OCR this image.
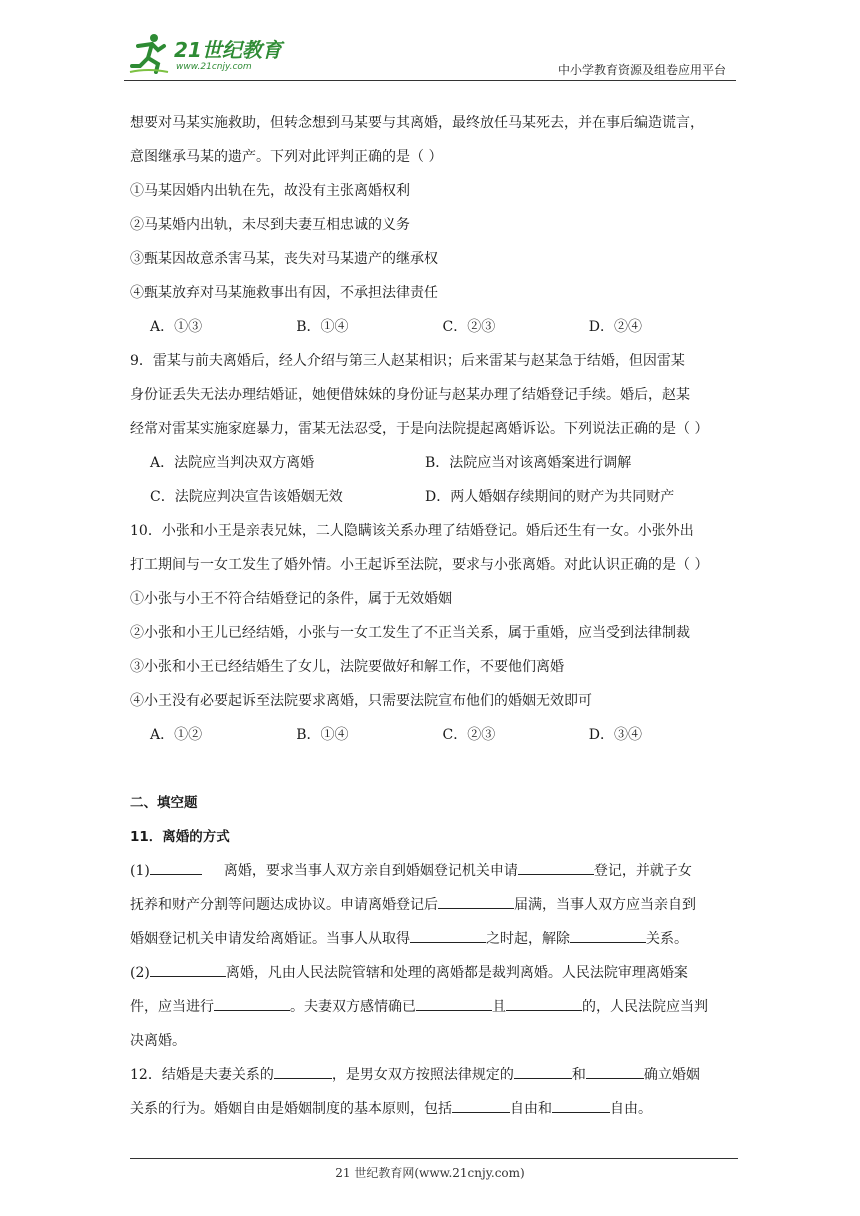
21世纪教育
www.21cnjy.com	中小学教育资源及组卷应用平台
想要对马某实施救助，但转念想到马某要与其离婚，最终放任马某死去，并在事后编造谎言，
意图继承马某的遗产。下列对此评判正确的是（ ）
①马某因婚内出轨在先，故没有主张离婚权利
②马某婚内出轨，未尽到夫妻互相忠诚的义务
③甄某因故意杀害马某，丧失对马某遗产的继承权
④甄某放弃对马某施救事出有因，不承担法律责任
A．①③	B．①④	C．②③	D．②④
9．雷某与前夫离婚后，经人介绍与第三人赵某相识；后来雷某与赵某急于结婚，但因雷某
身份证丢失无法办理结婚证，她便借妹妹的身份证与赵某办理了结婚登记手续。婚后，赵某
经常对雷某实施家庭暴力，雷某无法忍受，于是向法院提起离婚诉讼。下列说法正确的是（ ）
A．法院应当判决双方离婚	B．法院应当对该离婚案进行调解
C．法院应判决宣告该婚姻无效	D．两人婚姻存续期间的财产为共同财产
10．小张和小王是亲表兄妹，二人隐瞒该关系办理了结婚登记。婚后还生有一女。小张外出
打工期间与一女工发生了婚外情。小王起诉至法院，要求与小张离婚。对此认识正确的是（ ）
①小张与小王不符合结婚登记的条件，属于无效婚姻
②小张和小王儿已经结婚，小张与一女工发生了不正当关系，属于重婚，应当受到法律制裁
③小张和小王已经结婚生了女儿，法院要做好和解工作，不要他们离婚
④小王没有必要起诉至法院要求离婚，只需要法院宣布他们的婚姻无效即可
A．①②	B．①④	C．②③	D．③④
二、填空题
11．离婚的方式
(1)	离婚，要求当事人双方亲自到婚姻登记机关申请	登记，并就子女
抚养和财产分割等问题达成协议。申请离婚登记后	届满，当事人双方应当亲自到
婚姻登记机关申请发给离婚证。当事人从取得	之时起，解除	关系。
(2)	离婚，凡由人民法院管辖和处理的离婚都是裁判离婚。人民法院审理离婚案
件，应当进行	。夫妻双方感情确已	且	的，人民法院应当判
决离婚。
12．结婚是夫妻关系的	，是男女双方按照法律规定的	和	确立婚姻
关系的行为。婚姻自由是婚姻制度的基本原则，包括	自由和	自由。
21 世纪教育网(www.21cnjy.com)
